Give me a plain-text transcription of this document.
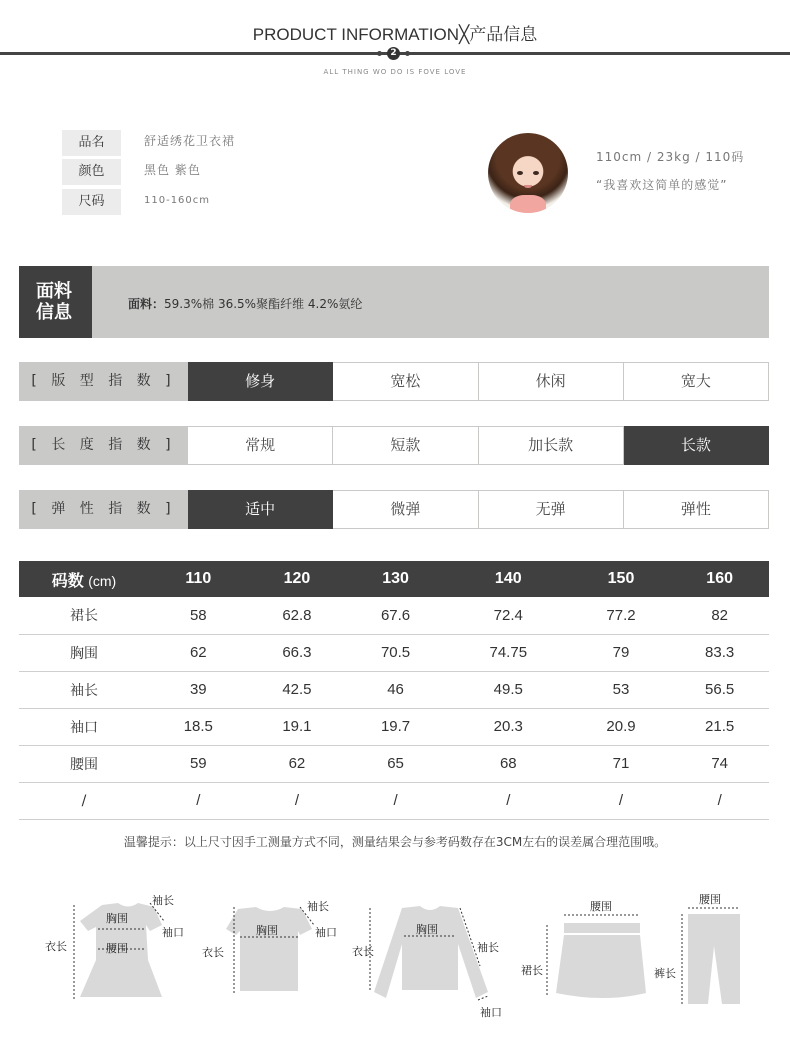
PRODUCT INFORMATION╳产品信息
2
ALL THING WO DO IS FOVE LOVE
品名	舒适绣花卫衣裙
颜色	黑色 紫色
尺码	110-160cm
110cm / 23kg / 110码
“我喜欢这简单的感觉”
面料
信息	面料：59.3%棉 36.5%聚酯纤维 4.2%氨纶
[ 版 型 指 数 ]	修身	宽松	休闲	宽大
[ 长 度 指 数 ]	常规	短款	加长款	长款
[ 弹 性 指 数 ]	适中	微弹	无弹	弹性
码数 (cm)	110	120	130	140	150	160
裙长	58	62.8	67.6	72.4	77.2	82
胸围	62	66.3	70.5	74.75	79	83.3
袖长	39	42.5	46	49.5	53	56.5
袖口	18.5	19.1	19.7	20.3	20.9	21.5
腰围	59	62	65	68	71	74
/	/	/	/	/	/	/
温馨提示：以上尺寸因手工测量方式不同，测量结果会与参考码数存在3CM左右的误差属合理范围哦。
袖长
胸围
袖口
衣长	腰围
袖长
胸围	袖口
衣长
胸围
袖长
衣长
袖口
腰围
裙长
腰围
裤长
